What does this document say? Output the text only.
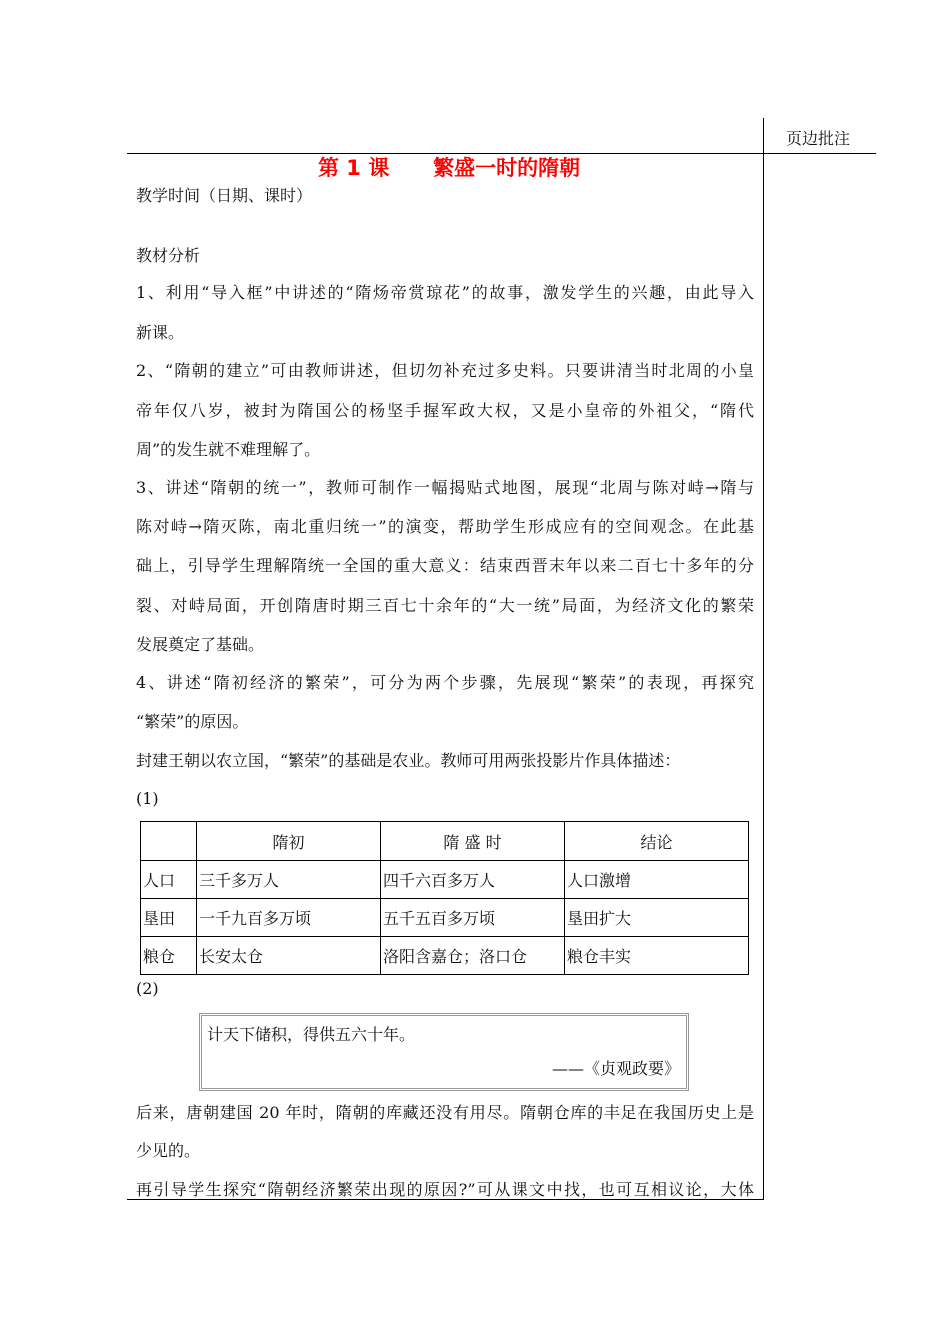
页边批注
第 1 课      繁盛一时的隋朝
教学时间（日期、课时）
教材分析
1、利用“导入框”中讲述的“隋炀帝赏琼花”的故事，激发学生的兴趣，由此导入
新课。
2、“隋朝的建立”可由教师讲述，但切勿补充过多史料。只要讲清当时北周的小皇
帝年仅八岁，被封为隋国公的杨坚手握军政大权，又是小皇帝的外祖父，“隋代
周”的发生就不难理解了。
3、讲述“隋朝的统一”，教师可制作一幅揭贴式地图，展现“北周与陈对峙→隋与
陈对峙→隋灭陈，南北重归统一”的演变，帮助学生形成应有的空间观念。在此基
础上，引导学生理解隋统一全国的重大意义：结束西晋末年以来二百七十多年的分
裂、对峙局面，开创隋唐时期三百七十余年的“大一统”局面，为经济文化的繁荣
发展奠定了基础。
4、讲述“隋初经济的繁荣”，可分为两个步骤，先展现“繁荣”的表现，再探究
“繁荣”的原因。
封建王朝以农立国，“繁荣”的基础是农业。教师可用两张投影片作具体描述：
(1)
	隋初	隋 盛 时	结论
人口	三千多万人	四千六百多万人	人口激增
垦田	一千九百多万顷	五千五百多万顷	垦田扩大
粮仓	长安太仓	洛阳含嘉仓；洛口仓	粮仓丰实
(2)
计天下储积，得供五六十年。
——《贞观政要》
后来，唐朝建国 20 年时，隋朝的库藏还没有用尽。隋朝仓库的丰足在我国历史上是
少见的。
再引导学生探究“隋朝经济繁荣出现的原因?”可从课文中找，也可互相议论，大体
